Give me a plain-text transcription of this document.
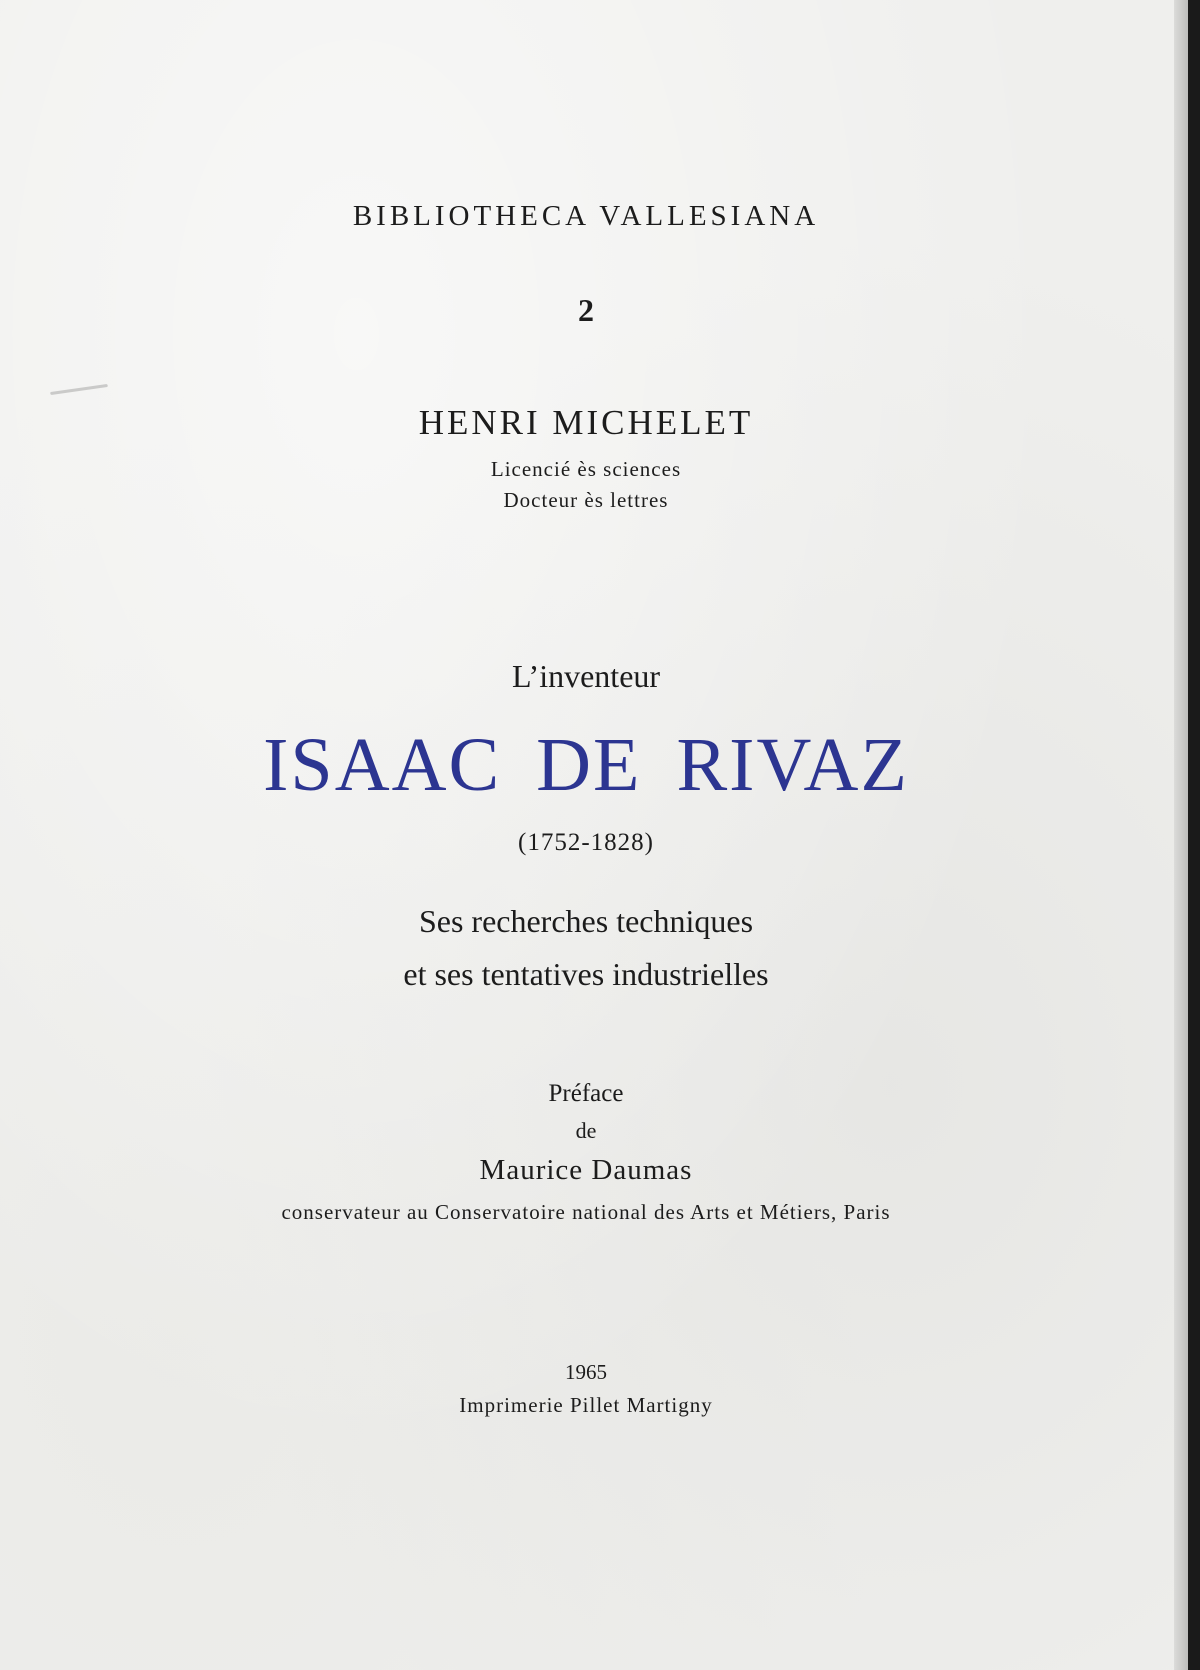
BIBLIOTHECA VALLESIANA

2

HENRI MICHELET

Licencié ès sciences

Docteur ès lettres

L’inventeur

ISAAC DE RIVAZ

(1752-1828)

Ses recherches techniques

et ses tentatives industrielles

Préface

de

Maurice Daumas

conservateur au Conservatoire national des Arts et Métiers, Paris

1965

Imprimerie Pillet Martigny
